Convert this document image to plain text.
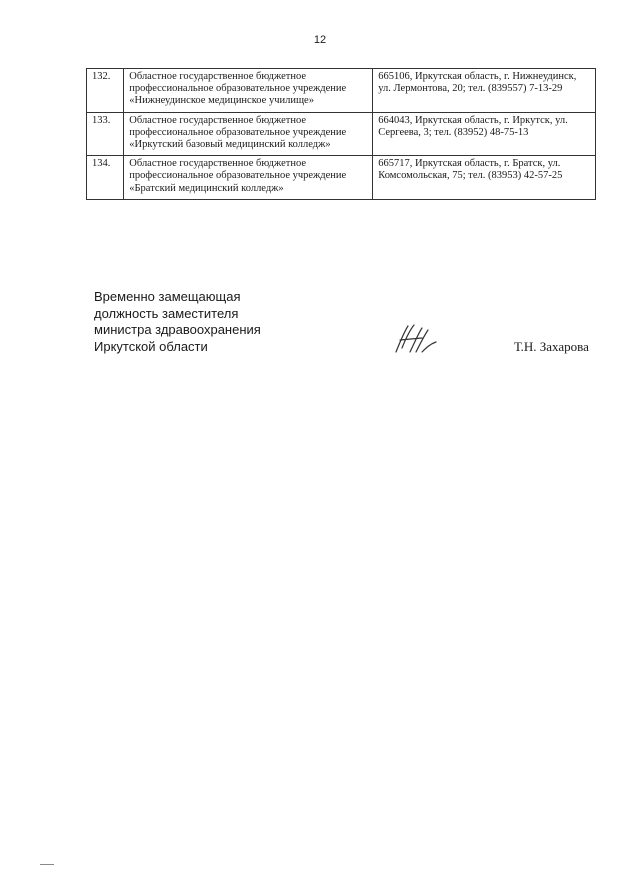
12
132.	Областное государственное бюджетное профессиональное образовательное учреждение «Нижнеудинское медицинское училище»	665106, Иркутская область, г. Нижнеудинск, ул. Лермонтова, 20; тел. (839557) 7-13-29
133.	Областное государственное бюджетное профессиональное образовательное учреждение «Иркутский базовый медицинский колледж»	664043, Иркутская область, г. Иркутск, ул. Сергеева, 3; тел. (83952) 48-75-13
134.	Областное государственное бюджетное профессиональное образовательное учреждение «Братский медицинский колледж»	665717, Иркутская область, г. Братск, ул. Комсомольская, 75; тел. (83953) 42-57-25
Временно замещающая
должность заместителя
министра здравоохранения
Иркутской области	Т.Н. Захарова
